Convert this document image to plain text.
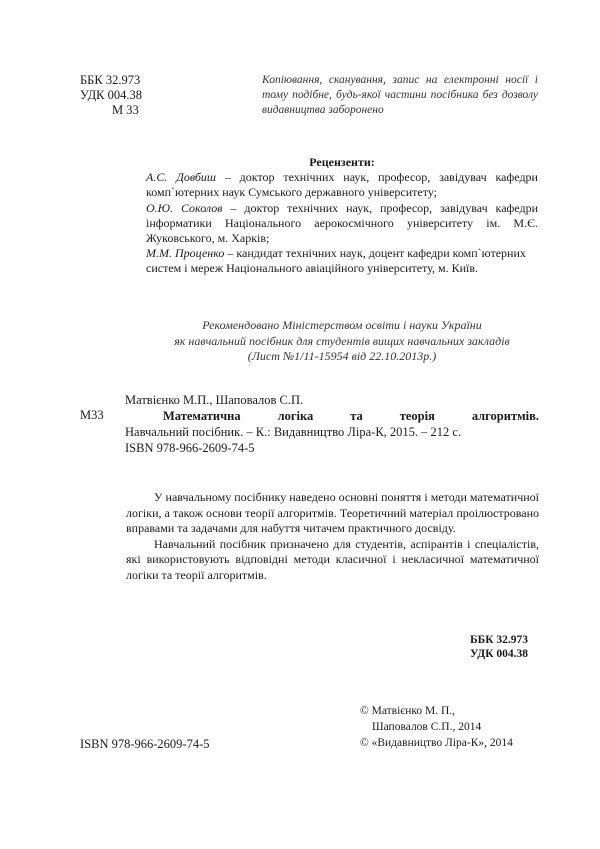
ББК 32.973
УДК 004.38
М 33
Копіювання, сканування, запис на електронні носії і тому подібне, будь-якої частини посібника без дозволу видавництва заборонено
Рецензенти:

А.С. Довбиш – доктор технічних наук, професор, завідувач кафедри комп`ютерних наук Сумського державного університету;

О.Ю. Соколов – доктор технічних наук, професор, завідувач кафедри інформатики Національного аерокосмічного університету ім. М.Є. Жуковського, м. Харків;

М.М. Проценко – кандидат технічних наук, доцент кафедри комп`ютерних систем і мереж Національного авіаційного університету, м. Київ.

Рекомендовано Міністерством освіти і науки України
як навчальний посібник для студентів вищих навчальних закладів
(Лист №1/11-15954 від 22.10.2013р.)
М33
Матвієнко М.П., Шаповалов С.П.
Математична	логіка	та	теорія	алгоритмів.
Навчальний посібник. – К.: Видавництво Ліра-К, 2015. – 212 с.
ISBN 978-966-2609-74-5

У навчальному посібнику наведено основні поняття і методи математичної логіки, а також основи теорії алгоритмів. Теоретичний матеріал проілюстровано вправами та задачами для набуття читачем практичного досвіду.

Навчальний посібник призначено для студентів, аспірантів і спеціалістів, які використовують відповідні методи класичної і некласичної математичної логіки та теорії алгоритмів.

ББК 32.973
УДК 004.38
ISBN 978-966-2609-74-5
© Матвієнко М. П.,
Шаповалов С.П., 2014
© «Видавництво Ліра-К», 2014
